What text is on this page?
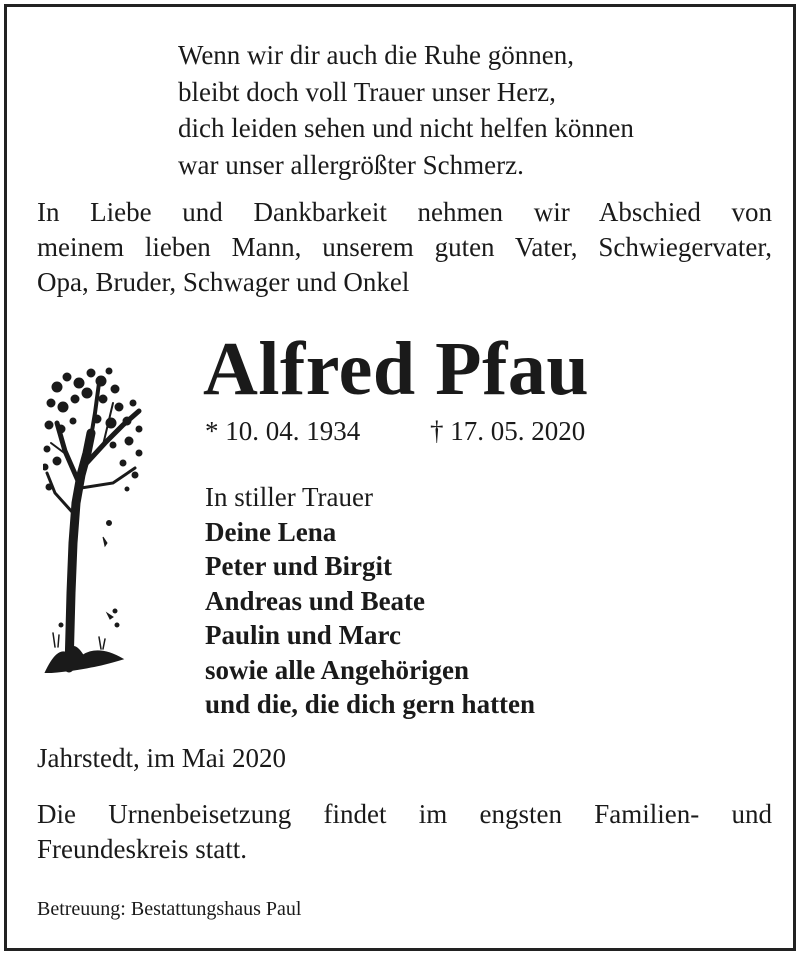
Wenn wir dir auch die Ruhe gönnen,
bleibt doch voll Trauer unser Herz,
dich leiden sehen und nicht helfen können
war unser allergrößter Schmerz.
In Liebe und Dankbarkeit nehmen wir Abschied von
meinem lieben Mann, unserem guten Vater, Schwiegervater,
Opa, Bruder, Schwager und Onkel
Alfred Pfau
* 10. 04. 1934	† 17. 05. 2020
In stiller Trauer
Deine Lena
Peter und Birgit
Andreas und Beate
Paulin und Marc
sowie alle Angehörigen
und die, die dich gern hatten
Jahrstedt, im Mai 2020
Die Urnenbeisetzung findet im engsten Familien- und
Freundeskreis statt.
Betreuung: Bestattungshaus Paul
